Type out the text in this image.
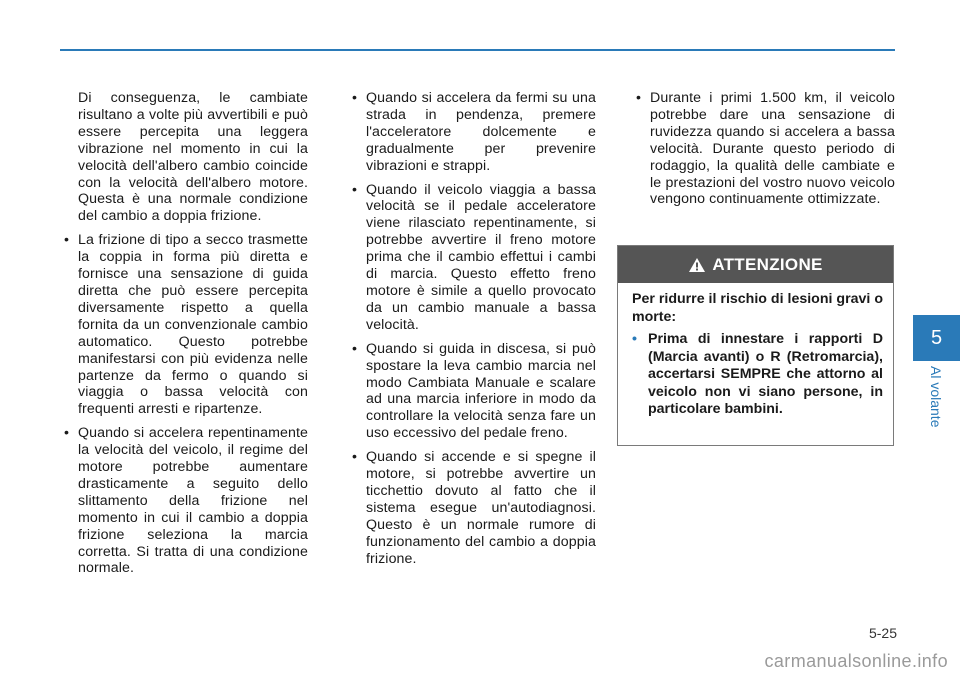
Di conseguenza, le cambiate risultano a volte più avvertibili e può essere percepita una leggera vibrazione nel momento in cui la velocità dell'albero cambio coincide con la velocità dell'albero motore. Questa è una normale condizione del cambio a doppia frizione.

• La frizione di tipo a secco trasmette la coppia in forma più diretta e fornisce una sensazione di guida diretta che può essere percepita diversamente rispetto a quella fornita da un convenzionale cambio automatico. Questo potrebbe manifestarsi con più evidenza nelle partenze da fermo o quando si viaggia o bassa velocità con frequenti arresti e ripartenze.
• Quando si accelera repentinamente la velocità del veicolo, il regime del motore potrebbe aumentare drasticamente a seguito dello slittamento della frizione nel momento in cui il cambio a doppia frizione seleziona la marcia corretta. Si tratta di una condizione normale.
• Quando si accelera da fermi su una strada in pendenza, premere l'acceleratore dolcemente e gradualmente per prevenire vibrazioni e strappi.
• Quando il veicolo viaggia a bassa velocità se il pedale acceleratore viene rilasciato repentinamente, si potrebbe avvertire il freno motore prima che il cambio effettui i cambi di marcia. Questo effetto freno motore è simile a quello provocato da un cambio manuale a bassa velocità.
• Quando si guida in discesa, si può spostare la leva cambio marcia nel modo Cambiata Manuale e scalare ad una marcia inferiore in modo da controllare la velocità senza fare un uso eccessivo del pedale freno.
• Quando si accende e si spegne il motore, si potrebbe avvertire un ticchettio dovuto al fatto che il sistema esegue un'autodiagnosi. Questo è un normale rumore di funzionamento del cambio a doppia frizione.
• Durante i primi 1.500 km, il veicolo potrebbe dare una sensazione di ruvidezza quando si accelera a bassa velocità. Durante questo periodo di rodaggio, la qualità delle cambiate e le prestazioni del vostro nuovo veicolo vengono continuamente ottimizzate.
ATTENZIONE

Per ridurre il rischio di lesioni gravi o morte:

• Prima di innestare i rapporti D (Marcia avanti) o R (Retromarcia), accertarsi SEMPRE che attorno al veicolo non vi siano persone, in particolare bambini.
5
Al volante
5-25
carmanualsonline.info
